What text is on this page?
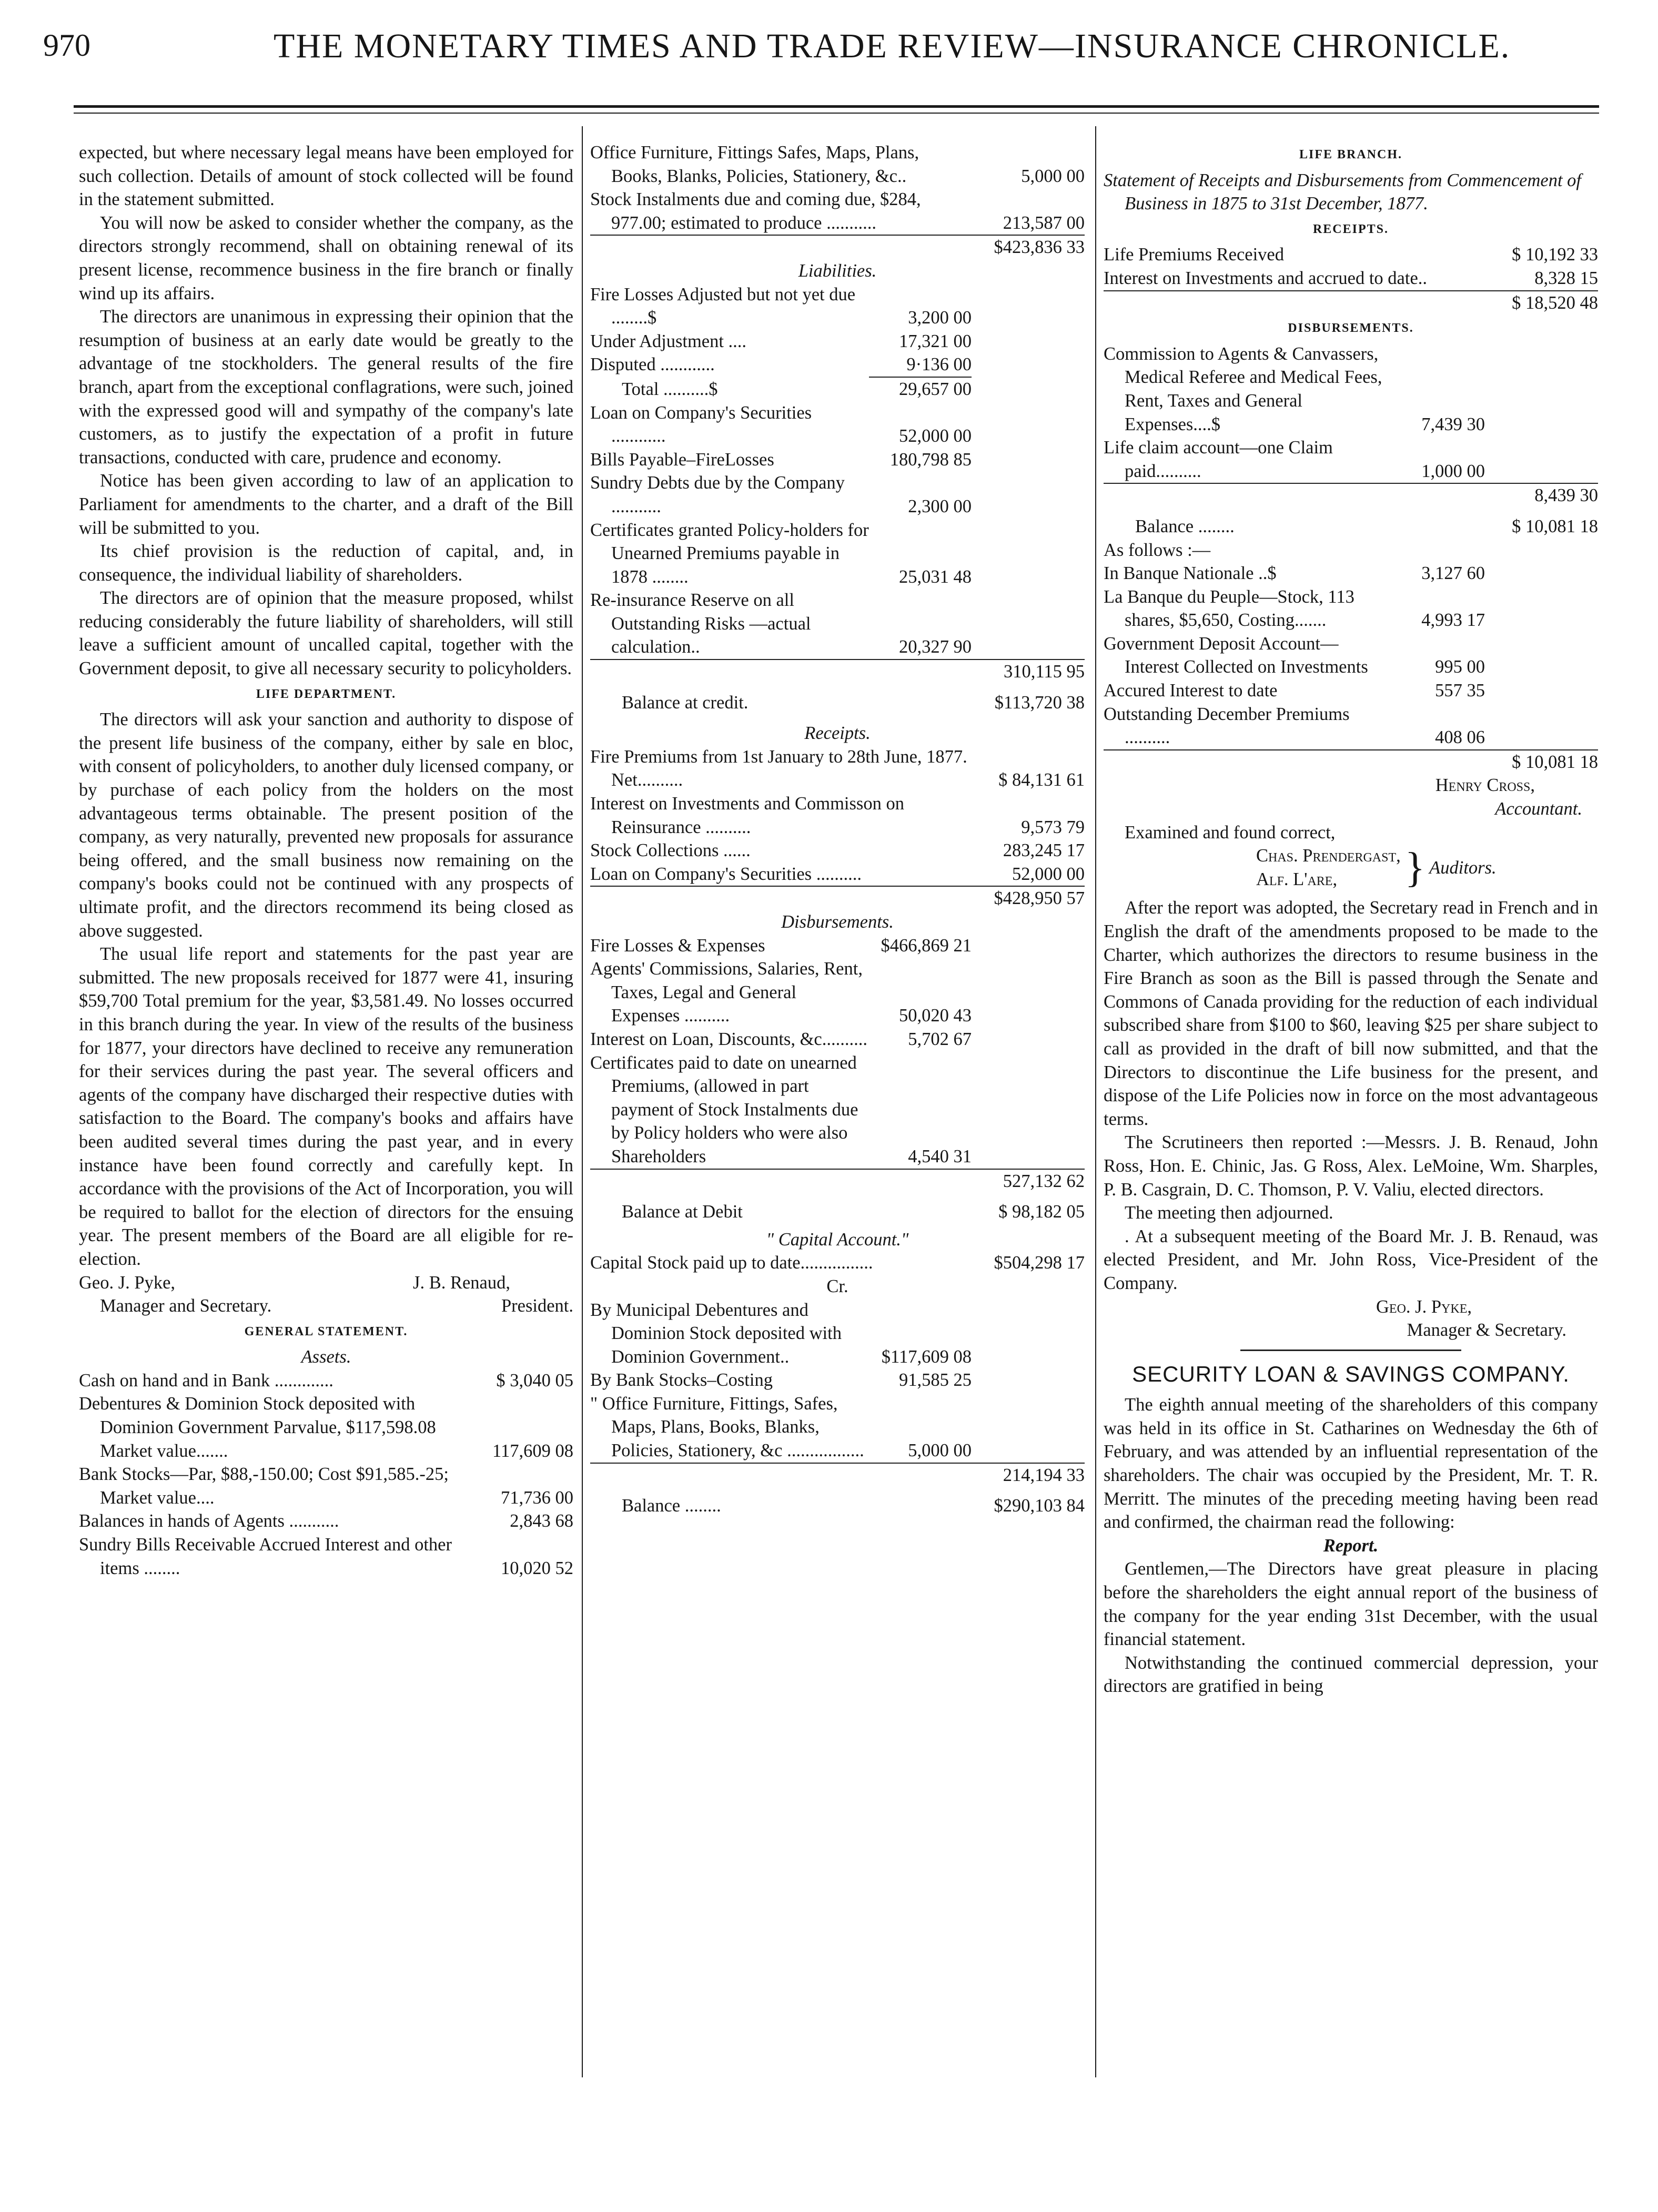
970	THE MONETARY TIMES AND TRADE REVIEW—INSURANCE CHRONICLE.

expected, but where necessary legal means have been employed for such collection. Details of amount of stock collected will be found in the statement submitted.

You will now be asked to consider whether the company, as the directors strongly recommend, shall on obtaining renewal of its present license, recommence business in the fire branch or finally wind up its affairs.

The directors are unanimous in expressing their opinion that the resumption of business at an early date would be greatly to the advantage of tne stockholders. The general results of the fire branch, apart from the exceptional conflagrations, were such, joined with the expressed good will and sympathy of the company's late customers, as to justify the expectation of a profit in future transactions, conducted with care, prudence and economy.

Notice has been given according to law of an application to Parliament for amendments to the charter, and a draft of the Bill will be submitted to you.

Its chief provision is the reduction of capital, and, in consequence, the individual liability of shareholders.

The directors are of opinion that the measure proposed, whilst reducing considerably the future liability of shareholders, will still leave a sufficient amount of uncalled capital, together with the Government deposit, to give all necessary security to policyholders.

LIFE DEPARTMENT.

The directors will ask your sanction and authority to dispose of the present life business of the company, either by sale en bloc, with consent of policyholders, to another duly licensed company, or by purchase of each policy from the holders on the most advantageous terms obtainable. The present position of the company, as very naturally, prevented new proposals for assurance being offered, and the small business now remaining on the company's books could not be continued with any prospects of ultimate profit, and the directors recommend its being closed as above suggested.

The usual life report and statements for the past year are submitted. The new proposals received for 1877 were 41, insuring $59,700 Total premium for the year, $3,581.49. No losses occurred in this branch during the year. In view of the results of the business for 1877, your directors have declined to receive any remuneration for their services during the past year. The several officers and agents of the company have discharged their respective duties with satisfaction to the Board. The company's books and affairs have been audited several times during the past year, and in every instance have been found correctly and carefully kept. In accordance with the provisions of the Act of Incorporation, you will be required to ballot for the election of directors for the ensuing year. The present members of the Board are all eligible for re-election.

Geo. J. Pyke,	J. B. Renaud,
Manager and Secretary.	President.
GENERAL STATEMENT.

Assets.

Cash on hand and in Bank .............	$ 3,040 05
Debentures & Dominion Stock deposited with Dominion Government Parvalue, $117,598.08 Market value.......	117,609 08
Bank Stocks—Par, $88,-150.00; Cost $91,585.-25; Market value....	71,736 00
Balances in hands of Agents ...........	2,843 68
Sundry Bills Receivable Accrued Interest and other items ........	10,020 52
Office Furniture, Fittings Safes, Maps, Plans, Books, Blanks, Policies, Stationery, &c..	5,000 00
Stock Instalments due and coming due, $284, 977.00; estimated to produce ...........	213,587 00

$423,836 33

Liabilities.

Fire Losses Adjusted but not yet due ........$	3,200 00
Under Adjustment ....	17,321 00
Disputed ............	9·136 00
Total ..........$	29,657 00
Loan on Company's Securities ............	52,000 00
Bills Payable–FireLosses	180,798 85
Sundry Debts due by the Company ...........	2,300 00
Certificates granted Policy-holders for Unearned Premiums payable in 1878 ........	25,031 48
Re-insurance Reserve on all Outstanding Risks —actual calculation..	20,327 90

310,115 95

Balance at credit.	$113,720 38

Receipts.

Fire Premiums from 1st January to 28th June, 1877. Net..........	$ 84,131 61
Interest on Investments and Commisson on Reinsurance ..........	9,573 79
Stock Collections ......	283,245 17
Loan on Company's Securities ..........	52,000 00

$428,950 57

Disbursements.

Fire Losses & Expenses	$466,869 21
Agents' Commissions, Salaries, Rent, Taxes, Legal and General Expenses ..........	50,020 43
Interest on Loan, Discounts, &c..........	5,702 67
Certificates paid to date on unearned Premiums, (allowed in part payment of Stock Instalments due by Policy holders who were also Shareholders	4,540 31

527,132 62

Balance at Debit	$ 98,182 05

" Capital Account."

Capital Stock paid up to date................	$504,298 17

Cr.

By Municipal Debentures and Dominion Stock deposited with Dominion Government..	$117,609 08
By Bank Stocks–Costing	91,585 25
" Office Furniture, Fittings, Safes, Maps, Plans, Books, Blanks, Policies, Stationery, &c .................	5,000 00

214,194 33

Balance ........	$290,103 84
LIFE BRANCH.

Statement of Receipts and Disbursements from Commencement of Business in 1875 to 31st December, 1877.

RECEIPTS.
Life Premiums Received	$ 10,192 33
Interest on Investments and accrued to date..	8,328 15

$ 18,520 48

DISBURSEMENTS.
Commission to Agents & Canvassers, Medical Referee and Medical Fees, Rent, Taxes and General Expenses....$	7,439 30
Life claim account—one Claim paid..........	1,000 00

8,439 30

Balance ........	$ 10,081 18

As follows :—

In Banque Nationale ..$	3,127 60
La Banque du Peuple—Stock, 113 shares, $5,650, Costing.......	4,993 17
Government Deposit Account—Interest Collected on Investments	995 00
Accured Interest to date	557 35
Outstanding December Premiums ..........	408 06

$ 10,081 18

Henry Cross,

Accountant.

Examined and found correct,

Chas. Prendergast,
Alf. L'are,	} Auditors.

After the report was adopted, the Secretary read in French and in English the draft of the amendments proposed to be made to the Charter, which authorizes the directors to resume business in the Fire Branch as soon as the Bill is passed through the Senate and Commons of Canada providing for the reduction of each individual subscribed share from $100 to $60, leaving $25 per share subject to call as provided in the draft of bill now submitted, and that the Directors to discontinue the Life business for the present, and dispose of the Life Policies now in force on the most advantageous terms.

The Scrutineers then reported :—Messrs. J. B. Renaud, John Ross, Hon. E. Chinic, Jas. G Ross, Alex. LeMoine, Wm. Sharples, P. B. Casgrain, D. C. Thomson, P. V. Valiu, elected directors.

The meeting then adjourned.

. At a subsequent meeting of the Board Mr. J. B. Renaud, was elected President, and Mr. John Ross, Vice-President of the Company.

Geo. J. Pyke,

Manager & Secretary.

SECURITY LOAN & SAVINGS COMPANY.

The eighth annual meeting of the shareholders of this company was held in its office in St. Catharines on Wednesday the 6th of February, and was attended by an influential representation of the shareholders. The chair was occupied by the President, Mr. T. R. Merritt. The minutes of the preceding meeting having been read and confirmed, the chairman read the following:

Report.

Gentlemen,—The Directors have great pleasure in placing before the shareholders the eight annual report of the business of the company for the year ending 31st December, with the usual financial statement.

Notwithstanding the continued commercial depression, your directors are gratified in being
